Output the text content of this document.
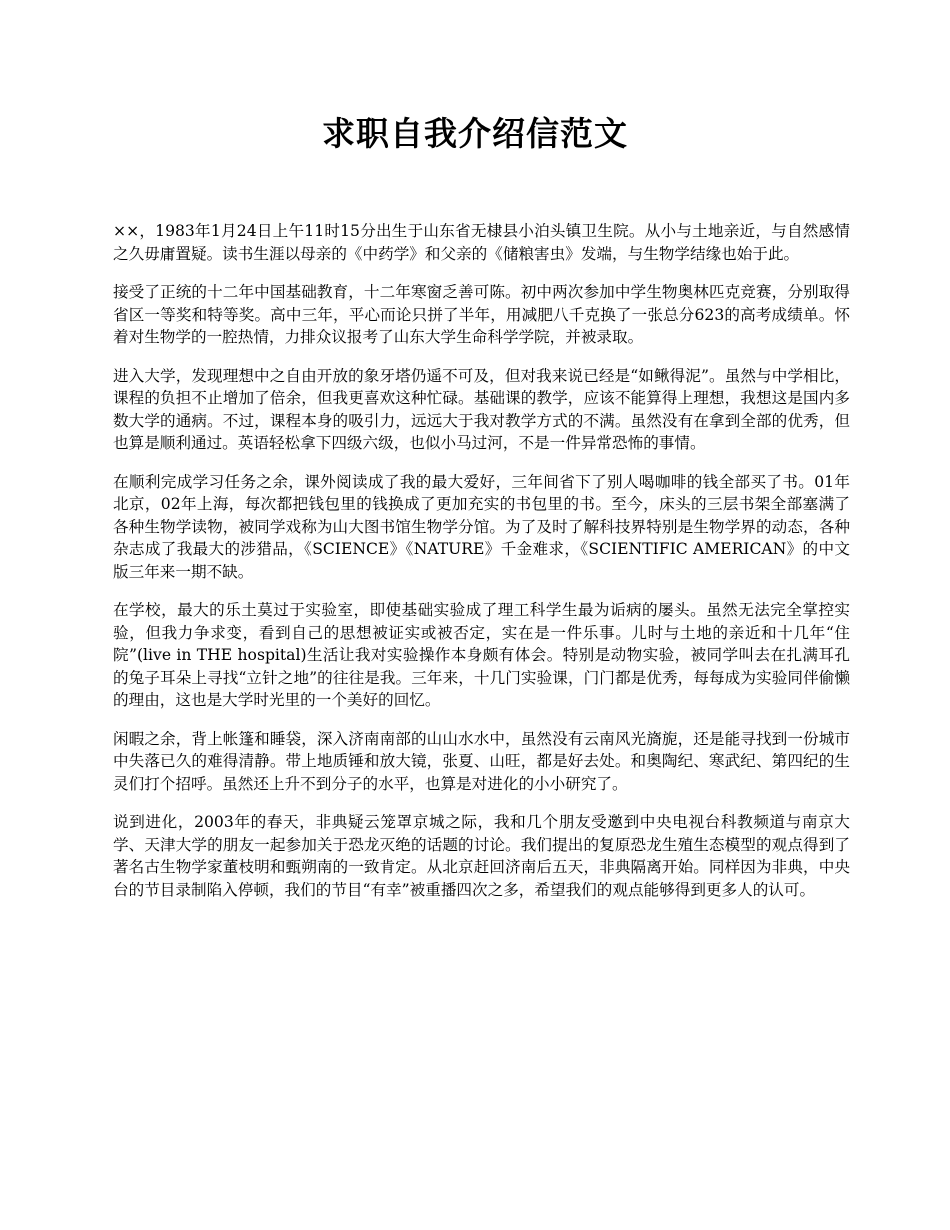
求职自我介绍信范文

××，1983年1月24日上午11时15分出生于山东省无棣县小泊头镇卫生院。从小与土地亲近，与自然感情之久毋庸置疑。读书生涯以母亲的《中药学》和父亲的《储粮害虫》发端，与生物学结缘也始于此。

接受了正统的十二年中国基础教育，十二年寒窗乏善可陈。初中两次参加中学生物奥林匹克竞赛，分别取得省区一等奖和特等奖。高中三年，平心而论只拼了半年，用减肥八千克换了一张总分623的高考成绩单。怀着对生物学的一腔热情，力排众议报考了山东大学生命科学学院，并被录取。

进入大学，发现理想中之自由开放的象牙塔仍遥不可及，但对我来说已经是“如鳅得泥”。虽然与中学相比，课程的负担不止增加了倍余，但我更喜欢这种忙碌。基础课的教学，应该不能算得上理想，我想这是国内多数大学的通病。不过，课程本身的吸引力，远远大于我对教学方式的不满。虽然没有在拿到全部的优秀，但也算是顺利通过。英语轻松拿下四级六级，也似小马过河，不是一件异常恐怖的事情。

在顺利完成学习任务之余，课外阅读成了我的最大爱好，三年间省下了别人喝咖啡的钱全部买了书。01年北京，02年上海，每次都把钱包里的钱换成了更加充实的书包里的书。至今，床头的三层书架全部塞满了各种生物学读物，被同学戏称为山大图书馆生物学分馆。为了及时了解科技界特别是生物学界的动态，各种杂志成了我最大的涉猎品，《SCIENCE》《NATURE》千金难求，《SCIENTIFIC AMERICAN》的中文版三年来一期不缺。

在学校，最大的乐土莫过于实验室，即使基础实验成了理工科学生最为诟病的屡头。虽然无法完全掌控实验，但我力争求变，看到自己的思想被证实或被否定，实在是一件乐事。儿时与土地的亲近和十几年“住院”(live in THE hospital)生活让我对实验操作本身颇有体会。特别是动物实验，被同学叫去在扎满耳孔的兔子耳朵上寻找“立针之地”的往往是我。三年来，十几门实验课，门门都是优秀，每每成为实验同伴偷懒的理由，这也是大学时光里的一个美好的回忆。

闲暇之余，背上帐篷和睡袋，深入济南南部的山山水水中，虽然没有云南风光旖旎，还是能寻找到一份城市中失落已久的难得清静。带上地质锤和放大镜，张夏、山旺，都是好去处。和奥陶纪、寒武纪、第四纪的生灵们打个招呼。虽然还上升不到分子的水平，也算是对进化的小小研究了。

说到进化，2003年的春天，非典疑云笼罩京城之际，我和几个朋友受邀到中央电视台科教频道与南京大学、天津大学的朋友一起参加关于恐龙灭绝的话题的讨论。我们提出的复原恐龙生殖生态模型的观点得到了著名古生物学家董枝明和甄朔南的一致肯定。从北京赶回济南后五天，非典隔离开始。同样因为非典，中央台的节目录制陷入停顿，我们的节目“有幸”被重播四次之多，希望我们的观点能够得到更多人的认可。
